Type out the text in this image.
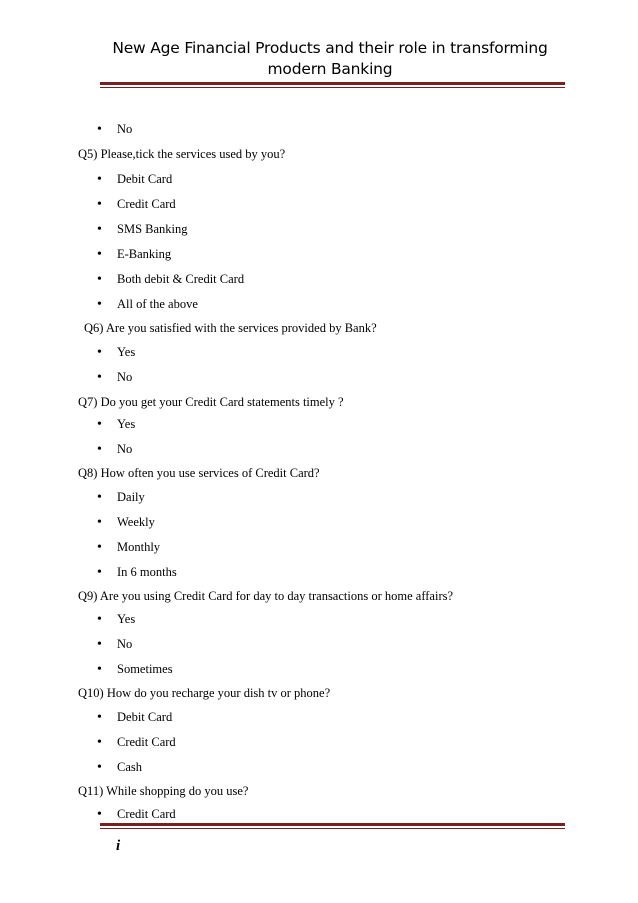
New Age Financial Products and their role in transforming
modern Banking
• No
Q5) Please,tick the services used by you?
• Debit Card
• Credit Card
• SMS Banking
• E-Banking
• Both debit & Credit Card
• All of the above
Q6) Are you satisfied with the services provided by Bank?
• Yes
• No
Q7) Do you get your Credit Card statements timely ?
• Yes
• No
Q8) How often you use services of Credit Card?
• Daily
• Weekly
• Monthly
• In 6 months
Q9) Are you using Credit Card for day to day transactions or home affairs?
• Yes
• No
• Sometimes
Q10) How do you recharge your dish tv or phone?
• Debit Card
• Credit Card
• Cash
Q11) While shopping do you use?
• Credit Card
i
